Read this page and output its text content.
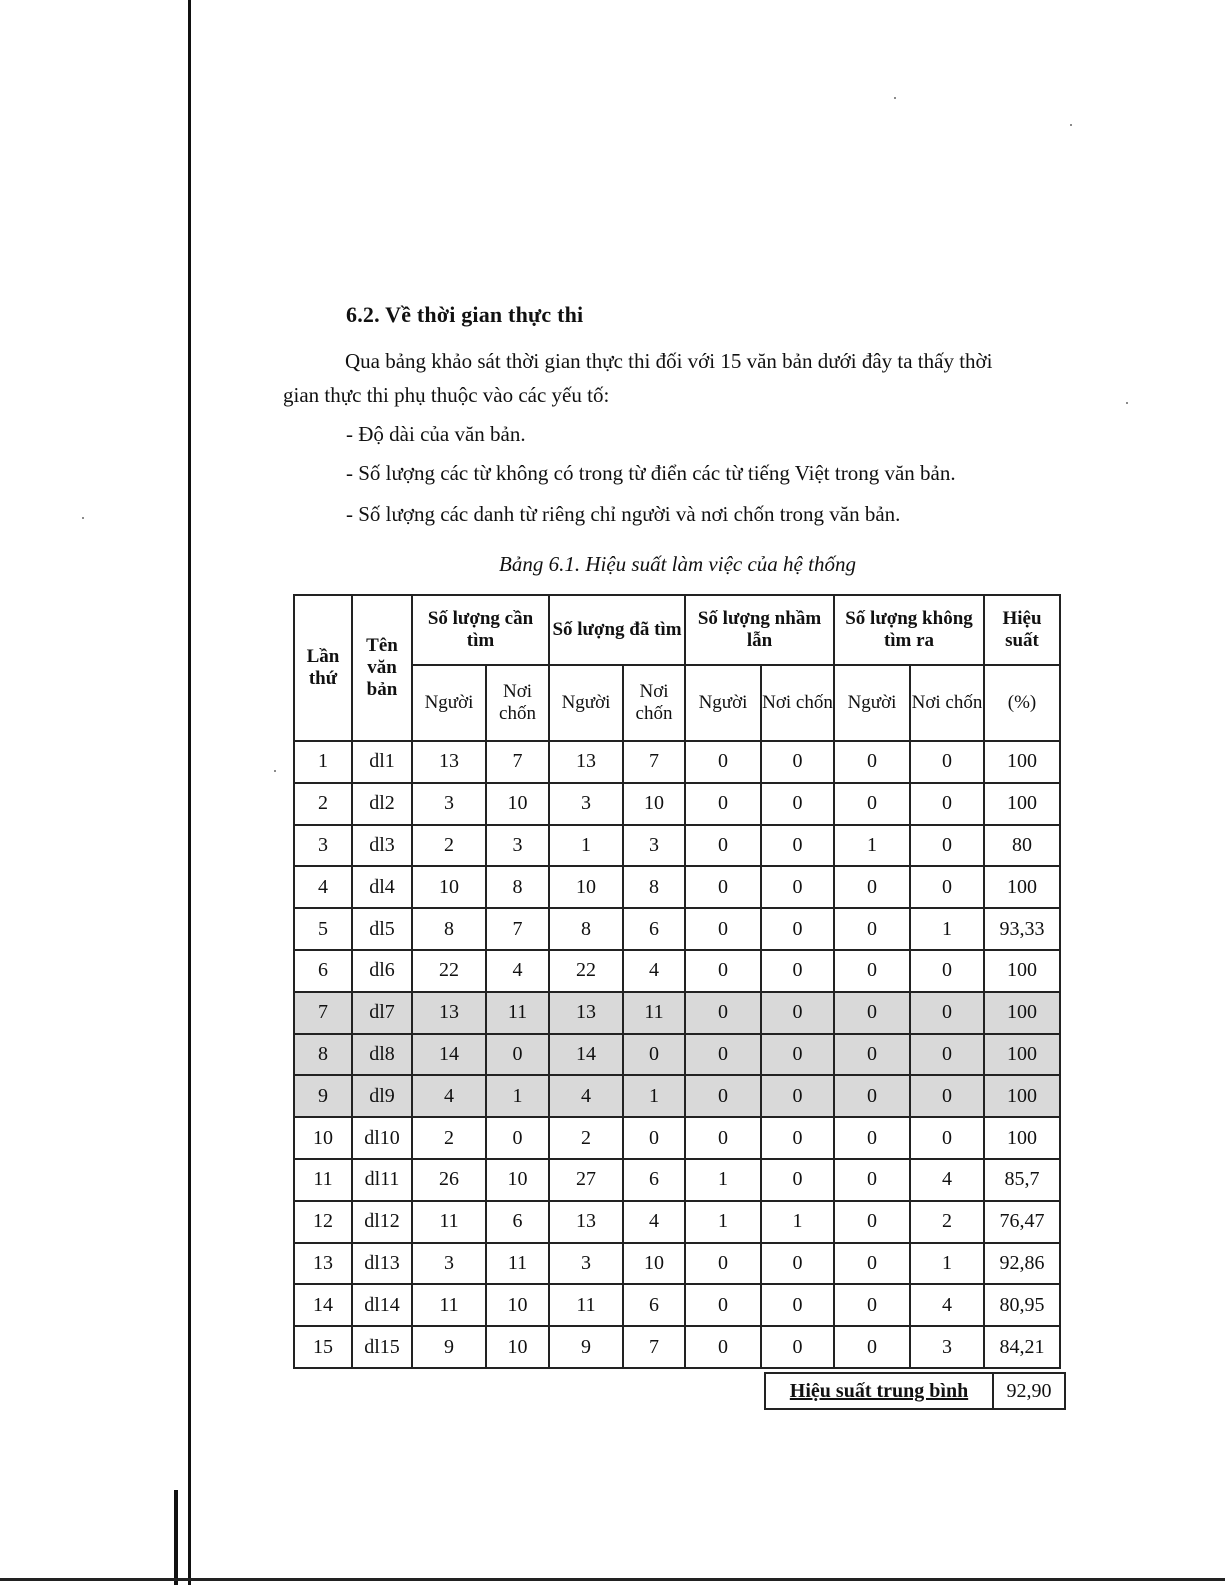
6.2. Về thời gian thực thi
Qua bảng khảo sát thời gian thực thi đối với 15 văn bản dưới đây ta thấy thời
gian thực thi phụ thuộc vào các yếu tố:
- Độ dài của văn bản.
- Số lượng các từ không có trong từ điển các từ tiếng Việt trong văn bản.
- Số lượng các danh từ riêng chỉ người và nơi chốn trong văn bản.
Bảng 6.1. Hiệu suất làm việc của hệ thống
Lần thứ	Tên văn bản	Số lượng cần tìm		Số lượng đã tìm		Số lượng nhầm lẫn		Số lượng không tìm ra		Hiệu suất
		Người	Nơi chốn	Người	Nơi chốn	Người	Nơi chốn	Người	Nơi chốn	(%)
1	dl1	13	7	13	7	0	0	0	0	100
2	dl2	3	10	3	10	0	0	0	0	100
3	dl3	2	3	1	3	0	0	1	0	80
4	dl4	10	8	10	8	0	0	0	0	100
5	dl5	8	7	8	6	0	0	0	1	93,33
6	dl6	22	4	22	4	0	0	0	0	100
7	dl7	13	11	13	11	0	0	0	0	100
8	dl8	14	0	14	0	0	0	0	0	100
9	dl9	4	1	4	1	0	0	0	0	100
10	dl10	2	0	2	0	0	0	0	0	100
11	dl11	26	10	27	6	1	0	0	4	85,7
12	dl12	11	6	13	4	1	1	0	2	76,47
13	dl13	3	11	3	10	0	0	0	1	92,86
14	dl14	11	10	11	6	0	0	0	4	80,95
15	dl15	9	10	9	7	0	0	0	3	84,21
Hiệu suất trung bình	92,90
